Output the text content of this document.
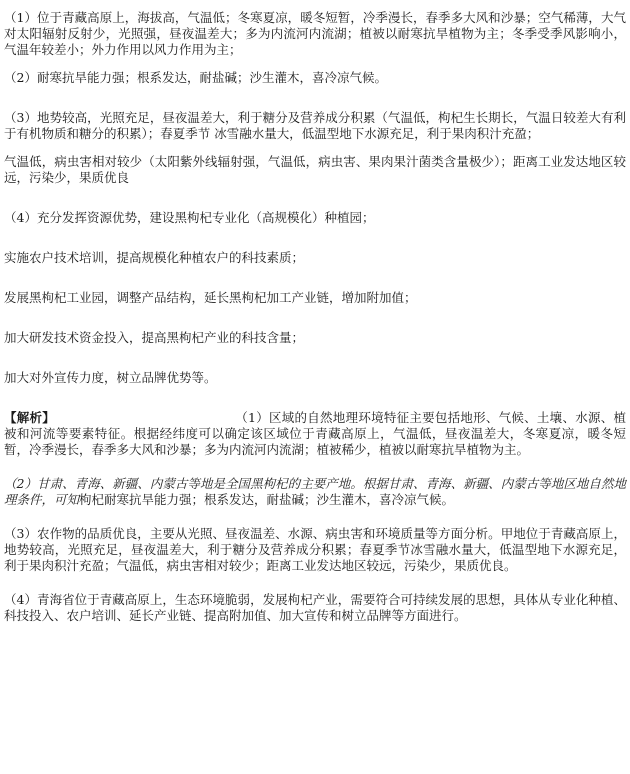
（1）位于青藏高原上，海拔高，气温低；冬寒夏凉，暖冬短暂，冷季漫长，春季多大风和沙暴；空气稀薄，大气对太阳辐射反射少，光照强，昼夜温差大；多为内流河内流湖；植被以耐寒抗旱植物为主；冬季受季风影响小，气温年较差小；外力作用以风力作用为主；

（2）耐寒抗旱能力强；根系发达，耐盐碱；沙生灌木，喜冷凉气候。

（3）地势较高，光照充足，昼夜温差大，利于糖分及营养成分积累（气温低，枸杞生长期长，气温日较差大有利于有机物质和糖分的积累）；春夏季节 冰雪融水量大，低温型地下水源充足，利于果肉积汁充盈；

气温低，病虫害相对较少（太阳紫外线辐射强，气温低，病虫害、果肉果汁菌类含量极少）；距离工业发达地区较远，污染少，果质优良

（4）充分发挥资源优势，建设黑枸杞专业化（高规模化）种植园；

实施农户技术培训，提高规模化种植农户的科技素质；

发展黑枸杞工业园，调整产品结构，延长黑枸杞加工产业链，增加附加值；

加大研发技术资金投入，提高黑枸杞产业的科技含量；

加大对外宣传力度，树立品牌优势等。

【解析】	（1）区域的自然地理环境特征主要包括地形、气候、土壤、水源、植被和河流等要素特征。根据经纬度可以确定该区域位于青藏高原上，气温低，昼夜温差大，冬寒夏凉，暖冬短暂，冷季漫长，春季多大风和沙暴；多为内流河内流湖；植被稀少，植被以耐寒抗旱植物为主。

（2）甘肃、青海、新疆、内蒙古等地是全国黑枸杞的主要产地。根据甘肃、青海、新疆、内蒙古等地区地自然地理条件，可知枸杞耐寒抗旱能力强；根系发达，耐盐碱；沙生灌木，喜冷凉气候。

（3）农作物的品质优良，主要从光照、昼夜温差、水源、病虫害和环境质量等方面分析。甲地位于青藏高原上，地势较高，光照充足，昼夜温差大，利于糖分及营养成分积累；春夏季节冰雪融水量大，低温型地下水源充足，利于果肉积汁充盈；气温低，病虫害相对较少；距离工业发达地区较远，污染少，果质优良。

（4）青海省位于青藏高原上，生态环境脆弱，发展枸杞产业，需要符合可持续发展的思想，具体从专业化种植、科技投入、农户培训、延长产业链、提高附加值、加大宣传和树立品牌等方面进行。
